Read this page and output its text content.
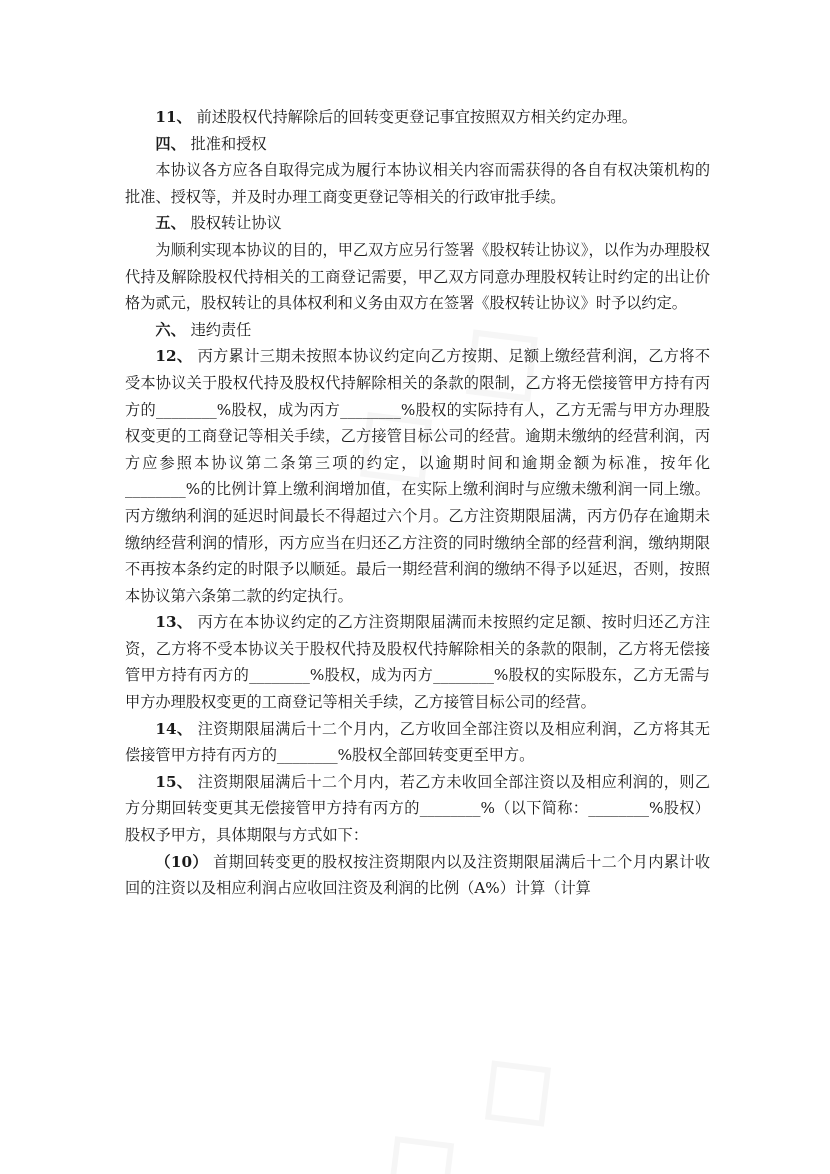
11、 前述股权代持解除后的回转变更登记事宜按照双方相关约定办理。

四、 批准和授权

本协议各方应各自取得完成为履行本协议相关内容而需获得的各自有权决策机构的批准、授权等，并及时办理工商变更登记等相关的行政审批手续。

五、 股权转让协议

为顺利实现本协议的目的，甲乙双方应另行签署《股权转让协议》，以作为办理股权代持及解除股权代持相关的工商登记需要，甲乙双方同意办理股权转让时约定的出让价格为贰元，股权转让的具体权利和义务由双方在签署《股权转让协议》时予以约定。

六、 违约责任

12、 丙方累计三期未按照本协议约定向乙方按期、足额上缴经营利润，乙方将不受本协议关于股权代持及股权代持解除相关的条款的限制，乙方将无偿接管甲方持有丙方的________%股权，成为丙方________%股权的实际持有人，乙方无需与甲方办理股权变更的工商登记等相关手续，乙方接管目标公司的经营。逾期未缴纳的经营利润，丙方应参照本协议第二条第三项的约定，以逾期时间和逾期金额为标准，按年化________%的比例计算上缴利润增加值，在实际上缴利润时与应缴未缴利润一同上缴。丙方缴纳利润的延迟时间最长不得超过六个月。乙方注资期限届满，丙方仍存在逾期未缴纳经营利润的情形，丙方应当在归还乙方注资的同时缴纳全部的经营利润，缴纳期限不再按本条约定的时限予以顺延。最后一期经营利润的缴纳不得予以延迟，否则，按照本协议第六条第二款的约定执行。

13、 丙方在本协议约定的乙方注资期限届满而未按照约定足额、按时归还乙方注资，乙方将不受本协议关于股权代持及股权代持解除相关的条款的限制，乙方将无偿接管甲方持有丙方的________%股权，成为丙方________%股权的实际股东，乙方无需与甲方办理股权变更的工商登记等相关手续，乙方接管目标公司的经营。

14、 注资期限届满后十二个月内，乙方收回全部注资以及相应利润，乙方将其无偿接管甲方持有丙方的________%股权全部回转变更至甲方。

15、 注资期限届满后十二个月内，若乙方未收回全部注资以及相应利润的，则乙方分期回转变更其无偿接管甲方持有丙方的________%（以下简称：________%股权）股权予甲方，具体期限与方式如下：

（10） 首期回转变更的股权按注资期限内以及注资期限届满后十二个月内累计收回的注资以及相应利润占应收回注资及利润的比例（A%）计算（计算
